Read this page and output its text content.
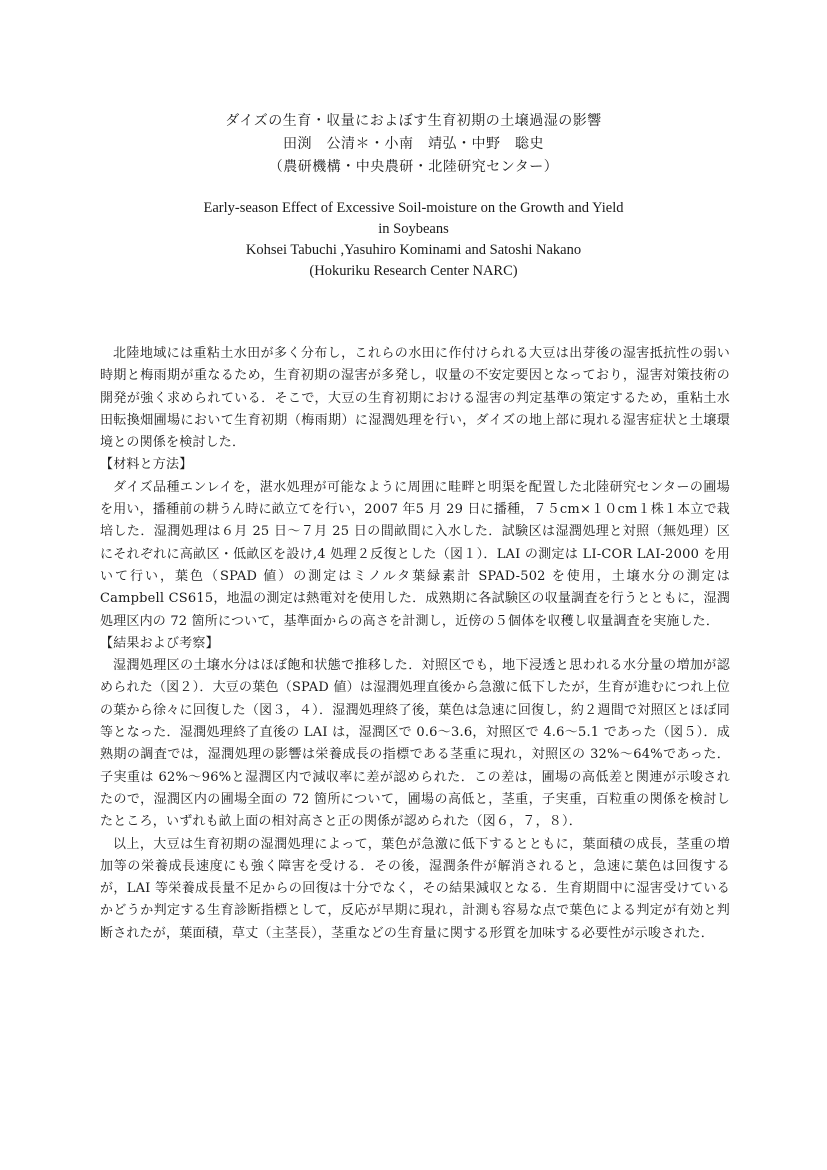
ダイズの生育・収量におよぼす生育初期の土壌過湿の影響
田渕　公清＊・小南　靖弘・中野　聡史
（農研機構・中央農研・北陸研究センター）
Early-season Effect of Excessive Soil-moisture on the Growth and Yield
in Soybeans
Kohsei Tabuchi ,Yasuhiro Kominami and Satoshi Nakano
(Hokuriku Research Center NARC)

北陸地域には重粘土水田が多く分布し，これらの水田に作付けられる大豆は出芽後の湿害抵抗性の弱い時期と梅雨期が重なるため，生育初期の湿害が多発し，収量の不安定要因となっており，湿害対策技術の開発が強く求められている．そこで，大豆の生育初期における湿害の判定基準の策定するため，重粘土水田転換畑圃場において生育初期（梅雨期）に湿潤処理を行い，ダイズの地上部に現れる湿害症状と土壌環境との関係を検討した．

【材料と方法】

ダイズ品種エンレイを，湛水処理が可能なように周囲に畦畔と明渠を配置した北陸研究センターの圃場を用い，播種前の耕うん時に畝立てを行い，2007 年5 月 29 日に播種，７５cm×１０cm１株１本立で栽培した．湿潤処理は６月 25 日～７月 25 日の間畝間に入水した．試験区は湿潤処理と対照（無処理）区にそれぞれに高畝区・低畝区を設け,4 処理２反復とした（図１）．LAI の測定は LI-COR LAI-2000 を用いて行い，葉色（SPAD 値）の測定はミノルタ葉緑素計 SPAD-502 を使用，土壌水分の測定は Campbell CS615，地温の測定は熱電対を使用した．成熟期に各試験区の収量調査を行うとともに，湿潤処理区内の 72 箇所について，基準面からの高さを計測し，近傍の５個体を収穫し収量調査を実施した．

【結果および考察】

湿潤処理区の土壌水分はほぼ飽和状態で推移した．対照区でも，地下浸透と思われる水分量の増加が認められた（図２）．大豆の葉色（SPAD 値）は湿潤処理直後から急激に低下したが，生育が進むにつれ上位の葉から徐々に回復した（図３，４）．湿潤処理終了後，葉色は急速に回復し，約２週間で対照区とほぼ同等となった．湿潤処理終了直後の LAI は，湿潤区で 0.6～3.6，対照区で 4.6～5.1 であった（図５）．成熟期の調査では，湿潤処理の影響は栄養成長の指標である茎重に現れ，対照区の 32%～64%であった．子実重は 62%～96%と湿潤区内で減収率に差が認められた．この差は，圃場の高低差と関連が示唆されたので，湿潤区内の圃場全面の 72 箇所について，圃場の高低と，茎重，子実重，百粒重の関係を検討したところ，いずれも畝上面の相対高さと正の関係が認められた（図６，７，８）．

以上，大豆は生育初期の湿潤処理によって，葉色が急激に低下するとともに，葉面積の成長，茎重の増加等の栄養成長速度にも強く障害を受ける．その後，湿潤条件が解消されると，急速に葉色は回復するが，LAI 等栄養成長量不足からの回復は十分でなく，その結果減収となる．生育期間中に湿害受けているかどうか判定する生育診断指標として，反応が早期に現れ，計測も容易な点で葉色による判定が有効と判断されたが，葉面積，草丈（主茎長），茎重などの生育量に関する形質を加味する必要性が示唆された．
